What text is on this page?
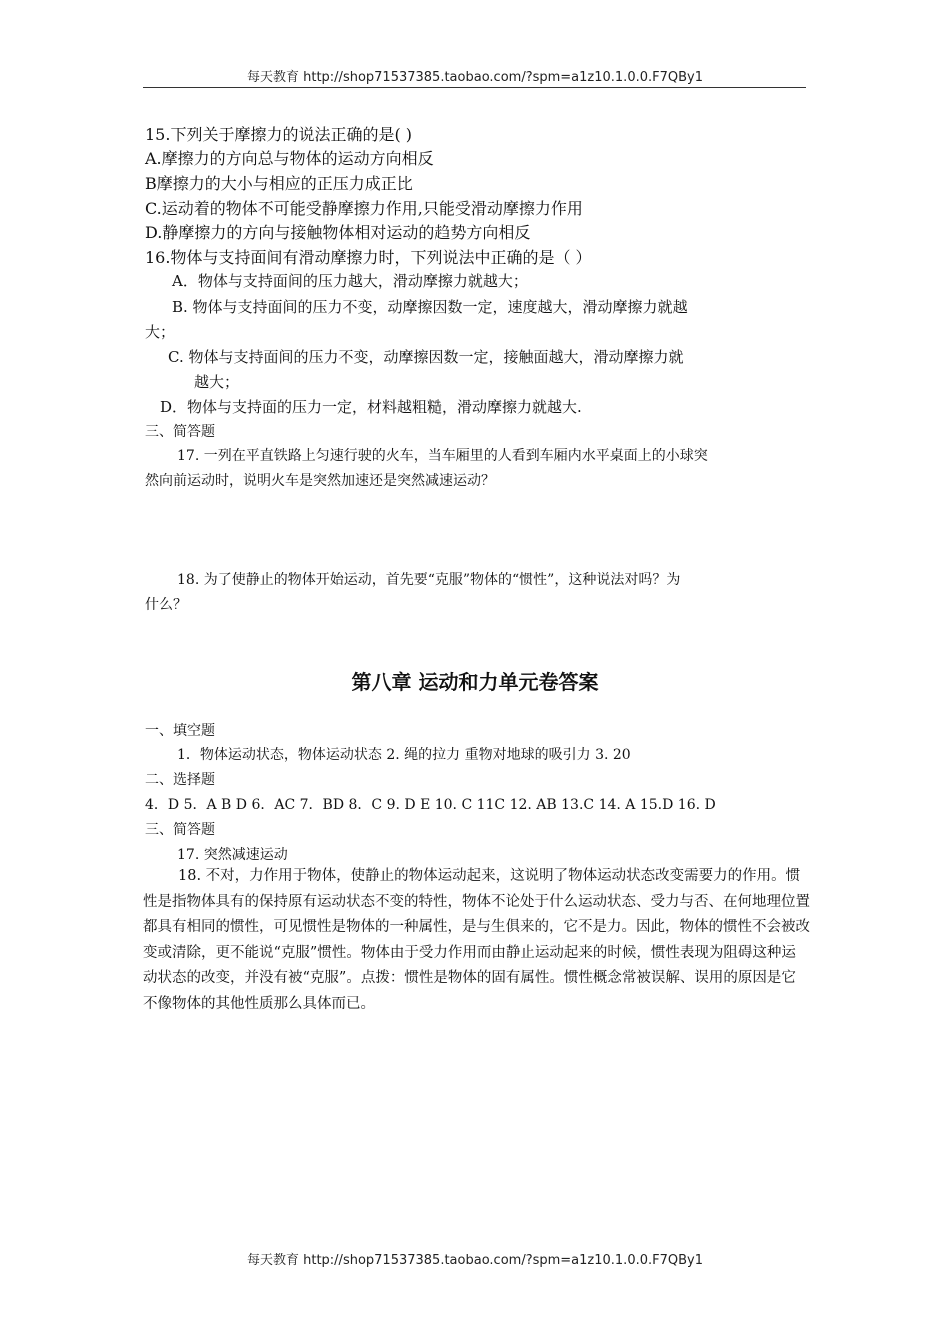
每天教育 http://shop71537385.taobao.com/?spm=a1z10.1.0.0.F7QBy1
15.下列关于摩擦力的说法正确的是( )
A.摩擦力的方向总与物体的运动方向相反
B摩擦力的大小与相应的正压力成正比
C.运动着的物体不可能受静摩擦力作用,只能受滑动摩擦力作用
D.静摩擦力的方向与接触物体相对运动的趋势方向相反
16.物体与支持面间有滑动摩擦力时，下列说法中正确的是（ ）
A．物体与支持面间的压力越大，滑动摩擦力就越大；
B. 物体与支持面间的压力不变，动摩擦因数一定，速度越大，滑动摩擦力就越
大；
C. 物体与支持面间的压力不变，动摩擦因数一定，接触面越大，滑动摩擦力就
越大；
D．物体与支持面的压力一定，材料越粗糙，滑动摩擦力就越大.
三、简答题
17. 一列在平直铁路上匀速行驶的火车，当车厢里的人看到车厢内水平桌面上的小球突
然向前运动时，说明火车是突然加速还是突然减速运动？
18. 为了使静止的物体开始运动，首先要“克服”物体的“惯性”，这种说法对吗？为
什么？
第八章 运动和力单元卷答案
一、填空题
1．物体运动状态，物体运动状态 2. 绳的拉力 重物对地球的吸引力 3. 20
二、选择题
4．D 5．A B D 6．AC 7．BD 8．C 9. D E 10. C 11C 12. AB 13.C 14. A 15.D 16. D
三、简答题
17. 突然减速运动
18. 不对，力作用于物体，使静止的物体运动起来，这说明了物体运动状态改变需要力的作用。惯性是指物体具有的保持原有运动状态不变的特性，物体不论处于什么运动状态、受力与否、在何地理位置都具有相同的惯性，可见惯性是物体的一种属性，是与生俱来的，它不是力。因此，物体的惯性不会被改变或清除，更不能说“克服”惯性。物体由于受力作用而由静止运动起来的时候，惯性表现为阻碍这种运动状态的改变，并没有被“克服”。点拨：惯性是物体的固有属性。惯性概念常被误解、误用的原因是它不像物体的其他性质那么具体而已。
每天教育 http://shop71537385.taobao.com/?spm=a1z10.1.0.0.F7QBy1
